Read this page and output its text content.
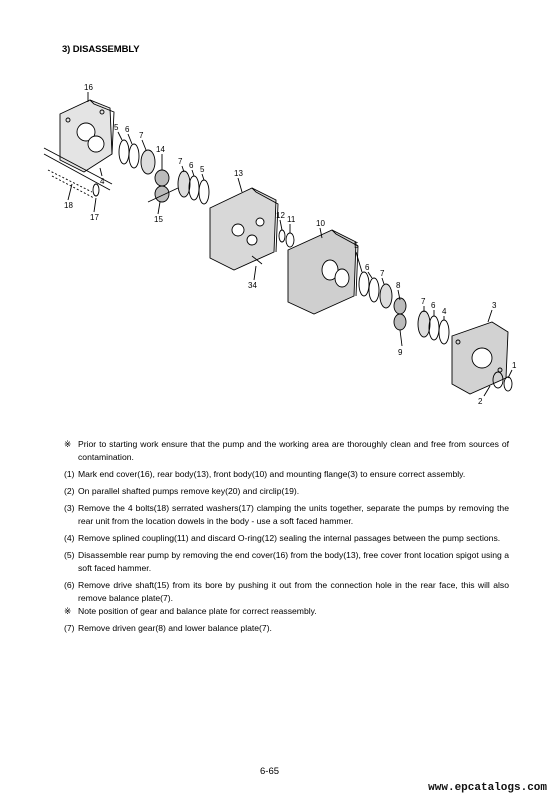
3) DISASSEMBLY
16
5 6
7
4
18
17
14
15
7 6 5	13
12 11
34
10
5
6
7
8
9
7 6
4
3
1
2
※ Prior to starting work ensure that the pump and the working area are thoroughly clean and free from sources of contamination.
(1) Mark end cover(16), rear body(13), front body(10) and mounting flange(3) to ensure correct assembly.
(2) On parallel shafted pumps remove key(20) and circlip(19).
(3) Remove the 4 bolts(18) serrated washers(17) clamping the units together, separate the pumps by removing the rear unit from the location dowels in the body - use a soft faced hammer.
(4) Remove splined coupling(11) and discard O-ring(12) sealing the internal passages between the pump sections.
(5) Disassemble rear pump by removing the end cover(16) from the body(13), free cover front location spigot using a soft faced hammer.
(6) Remove drive shaft(15) from its bore by pushing it out from the connection hole in the rear face, this will also remove balance plate(7).
※ Note position of gear and balance plate for correct reassembly.
(7) Remove driven gear(8) and lower balance plate(7).
6-65
www.epcatalogs.com
